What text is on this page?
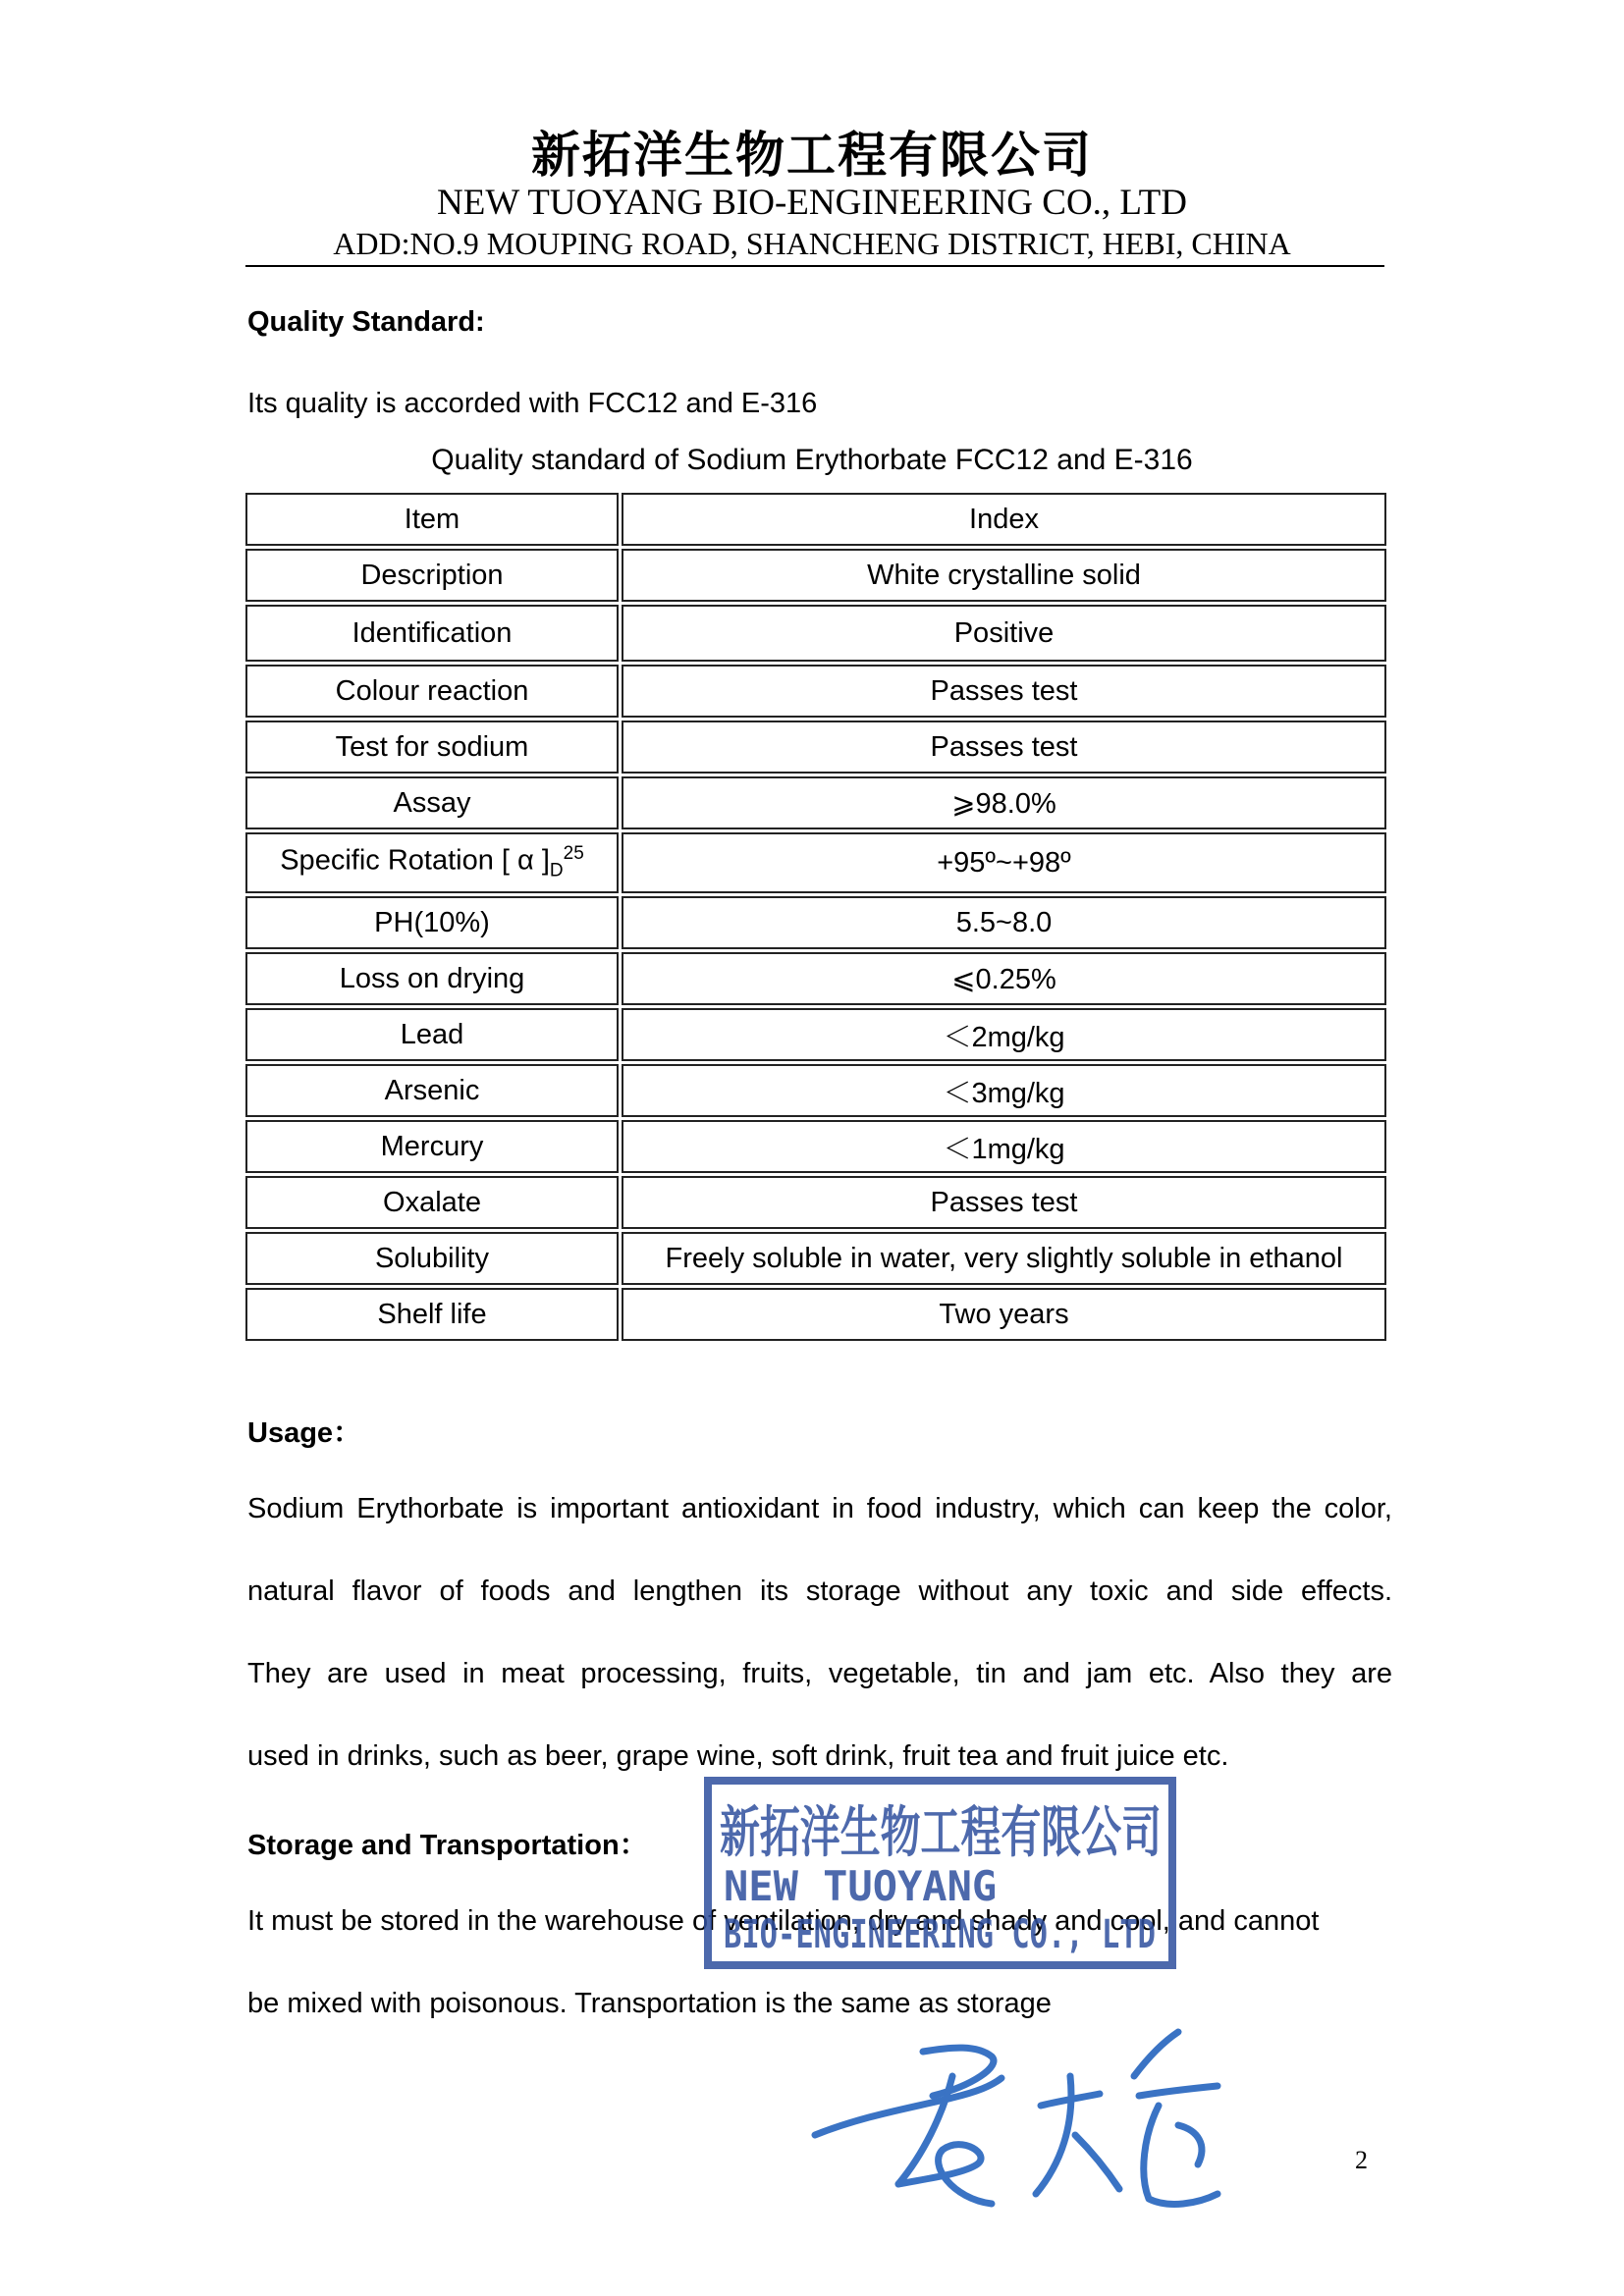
新拓洋生物工程有限公司
NEW TUOYANG BIO-ENGINEERING CO., LTD
ADD:NO.9 MOUPING ROAD, SHANCHENG DISTRICT, HEBI, CHINA
Quality Standard:
Its quality is accorded with FCC12 and E-316
Quality standard of Sodium Erythorbate FCC12 and E-316
Item	Index
Description	White crystalline solid
Identification	Positive
Colour reaction	Passes test
Test for sodium	Passes test
Assay	⩾98.0%
Specific Rotation [ α ]$_D^{25}$	+95º~+98º
PH(10%)	5.5~8.0
Loss on drying	⩽0.25%
Lead	＜2mg/kg
Arsenic	＜3mg/kg
Mercury	＜1mg/kg
Oxalate	Passes test
Solubility	Freely soluble in water, very slightly soluble in ethanol
Shelf life	Two years
Usage：
Sodium Erythorbate is important antioxidant in food industry, which can keep the color,
natural flavor of foods and lengthen its storage without any toxic and side effects.
They are used in meat processing, fruits, vegetable, tin and jam etc. Also they are
used in drinks, such as beer, grape wine, soft drink, fruit tea and fruit juice etc.
Storage and Transportation：
It must be stored in the warehouse of ventilation, dry and shady and cool, and cannot
be mixed with poisonous. Transportation is the same as storage
新拓洋生物工程有限公司
NEW TUOYANG
BIO-ENGINEERING CO., LTD
2
